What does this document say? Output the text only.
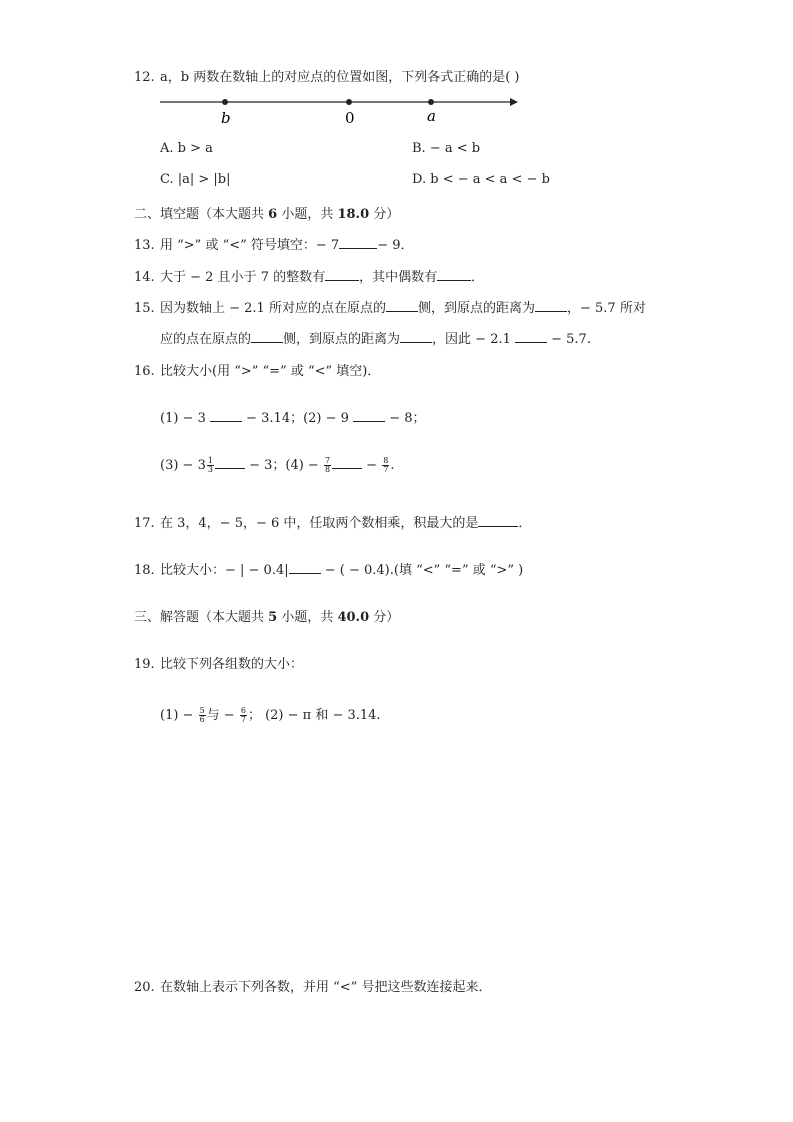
12. a，b 两数在数轴上的对应点的位置如图，下列各式正确的是( )
b	0	a
A. b > a	B. − a < b
C. |a| > |b|	D. b < − a < a < − b
二、填空题（本大题共 6 小题，共 18.0 分）
13. 用 “>” 或 “<” 符号填空：− 7	− 9．
14. 大于 − 2 且小于 7 的整数有	，其中偶数有	．
15. 因为数轴上 − 2.1 所对应的点在原点的 侧，到原点的距离为 ，− 5.7 所对
应的点在原点的 侧，到原点的距离为 ，因此 − 2.1  − 5.7.
16. 比较大小(用 “>” “=” 或 “<” 填空)．
(1) − 3  − 3.14；(2) − 9  − 8；
$(3) - 3 \frac{1}{3} - 3$；$(4) - \frac{7}{8} - \frac{8}{7}$ .
17. 在 3，4，− 5，− 6 中，任取两个数相乘，积最大的是	．
18. 比较大小：− | − 0.4| − ( − 0.4).(填 “<” “=” 或 “>” )
三、解答题（本大题共 5 小题，共 40.0 分）
19. 比较下列各组数的大小：
$(1) - \frac{5}{6}$ 与 − $\frac{6}{7}$ ； (2) − π 和 − 3.14.
20. 在数轴上表示下列各数，并用 “<” 号把这些数连接起来．
